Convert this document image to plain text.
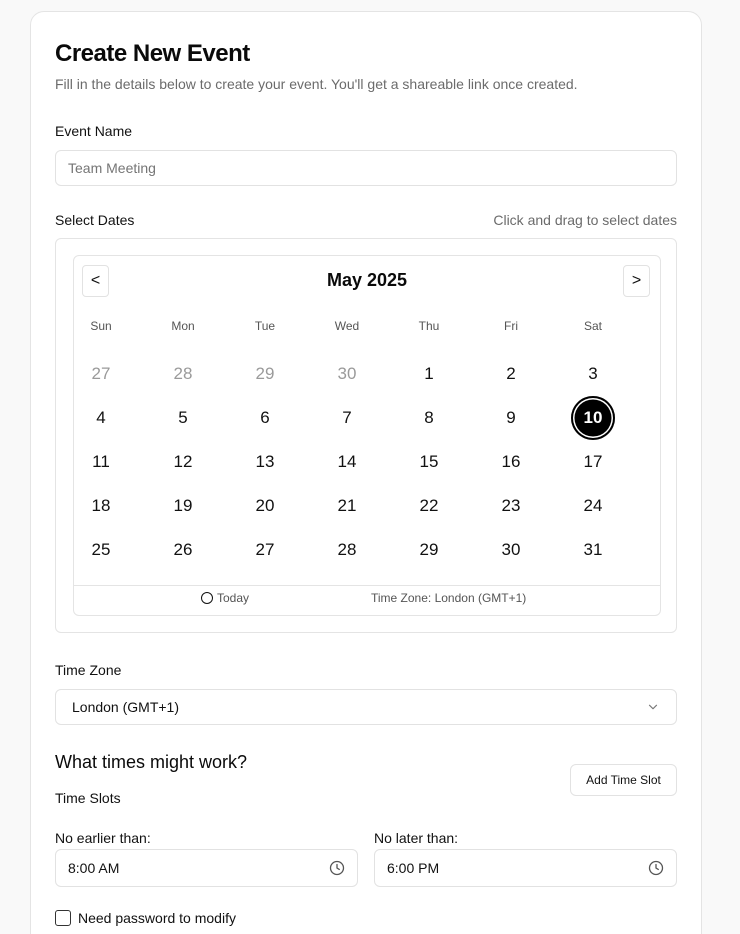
Create New Event

Fill in the details below to create your event. You'll get a shareable link once created.

Event Name
Team Meeting
Select Dates	Click and drag to select dates
<	May 2025	>
Sun	Mon	Tue	Wed	Thu	Fri	Sat
27	28	29	30	1	2	3
4	5	6	7	8	9	10
11	12	13	14	15	16	17
18	19	20	21	22	23	24
25	26	27	28	29	30	31
Today	Time Zone: London (GMT+1)
Time Zone
London (GMT+1)
What times might work?
Add Time Slot
Time Slots
No earlier than:
8:00 AM
No later than:
6:00 PM
Need password to modify
